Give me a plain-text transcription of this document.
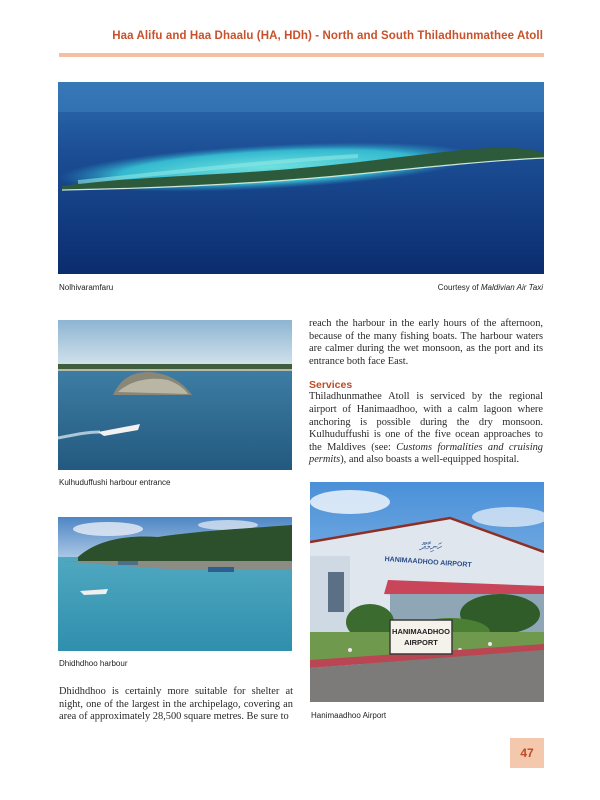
Haa Alifu and Haa Dhaalu (HA, HDh) - North and South Thiladhunmathee Atoll
Nolhivaramfaru	Courtesy of Maldivian Air Taxi
Kulhuduffushi harbour entrance

reach the harbour in the early hours of the afternoon, because of the many fishing boats. The harbour waters are calmer during the wet monsoon, as the port and its entrance both face East.

Services

Thiladhunmathee Atoll is serviced by the regional airport of Hanimaadhoo, with a calm lagoon where anchoring is possible during the dry monsoon. Kulhuduffushi is one of the five ocean approaches to the Maldives (see: Customs formalities and cruising permits), and also boasts a well-equipped hospital.

Dhidhdhoo harbour

Dhidhdhoo is certainly more suitable for shelter at night, one of the largest in the archipelago, covering an area of approximately 28,500 square metres. Be sure to

ހަނިމާދޫ
HANIMAADHOO AIRPORT
HANIMAADHOO
AIRPORT
Hanimaadhoo Airport
47
